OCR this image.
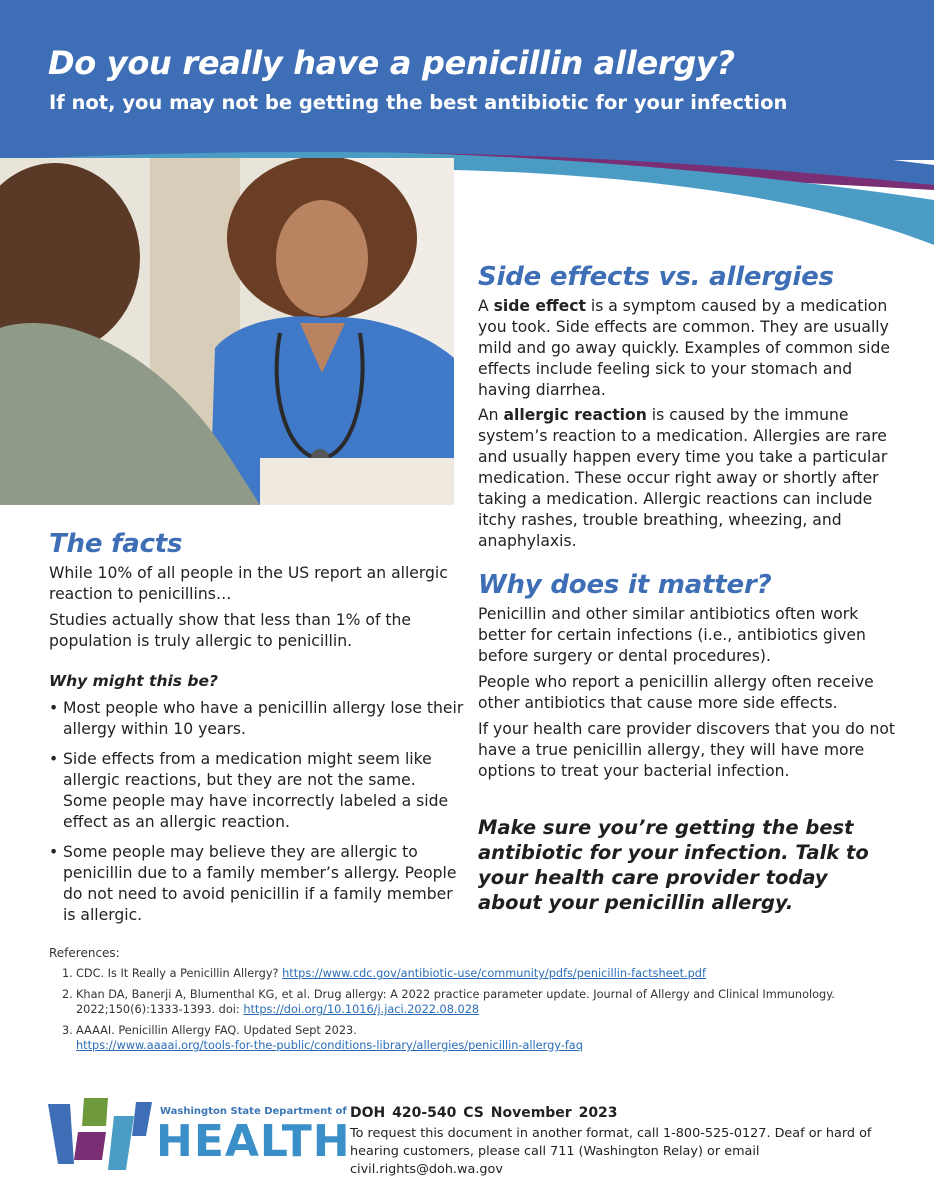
Do you really have a penicillin allergy?
If not, you may not be getting the best antibiotic for your infection
Side effects vs. allergies

A side effect is a symptom caused by a medication you took. Side effects are common. They are usually mild and go away quickly. Examples of common side effects include feeling sick to your stomach and having diarrhea.

An allergic reaction is caused by the immune system’s reaction to a medication. Allergies are rare and usually happen every time you take a particular medication. These occur right away or shortly after taking a medication. Allergic reactions can include itchy rashes, trouble breathing, wheezing, and anaphylaxis.

Why does it matter?

Penicillin and other similar antibiotics often work better for certain infections (i.e., antibiotics given before surgery or dental procedures).

People who report a penicillin allergy often receive other antibiotics that cause more side effects.

If your health care provider discovers that you do not have a true penicillin allergy, they will have more options to treat your bacterial infection.

Make sure you’re getting the best antibiotic for your infection. Talk to your health care provider today about your penicillin allergy.
The facts

While 10% of all people in the US report an allergic reaction to penicillins…

Studies actually show that less than 1% of the population is truly allergic to penicillin.

Why might this be?
• Most people who have a penicillin allergy lose their allergy within 10 years.
• Side effects from a medication might seem like allergic reactions, but they are not the same. Some people may have incorrectly labeled a side effect as an allergic reaction.
• Some people may believe they are allergic to penicillin due to a family member’s allergy. People do not need to avoid penicillin if a family member is allergic.
References:
1. CDC. Is It Really a Penicillin Allergy? https://www.cdc.gov/antibiotic-use/community/pdfs/penicillin-factsheet.pdf
2. Khan DA, Banerji A, Blumenthal KG, et al. Drug allergy: A 2022 practice parameter update. Journal of Allergy and Clinical Immunology. 2022;150(6):1333-1393. doi: https://doi.org/10.1016/j.jaci.2022.08.028
3. AAAAI. Penicillin Allergy FAQ. Updated Sept 2023.
https://www.aaaai.org/tools-for-the-public/conditions-library/allergies/penicillin-allergy-faq
Washington State Department of
HEALTH
DOH 420-540 CS November 2023
To request this document in another format, call 1-800-525-0127. Deaf or hard of hearing customers, please call 711 (Washington Relay) or email civil.rights@doh.wa.gov
